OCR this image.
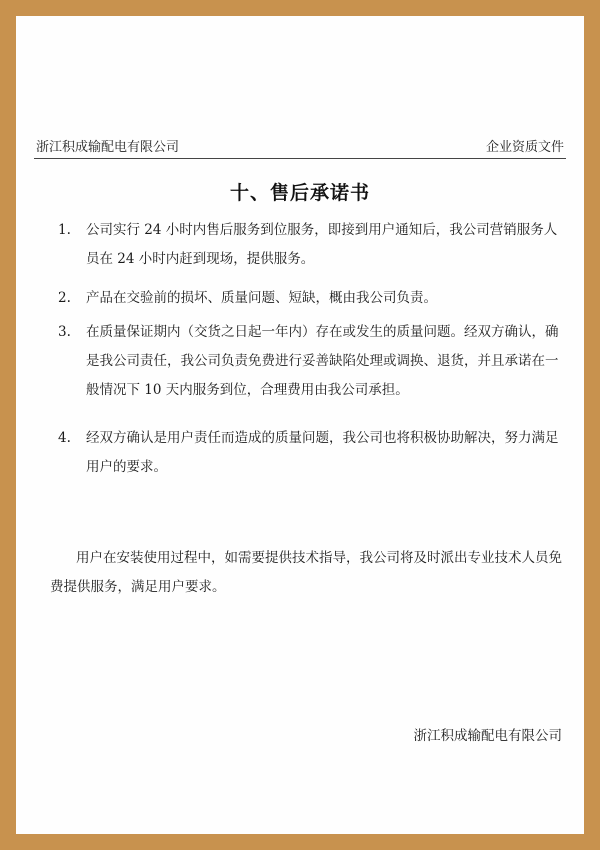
浙江积成输配电有限公司	企业资质文件
十、售后承诺书
1. 公司实行 24 小时内售后服务到位服务，即接到用户通知后，我公司营销服务人员在 24 小时内赶到现场，提供服务。
2. 产品在交验前的损坏、质量问题、短缺，概由我公司负责。
3. 在质量保证期内（交货之日起一年内）存在或发生的质量问题。经双方确认，确是我公司责任，我公司负责免费进行妥善缺陷处理或调换、退货，并且承诺在一般情况下 10 天内服务到位，合理费用由我公司承担。
4. 经双方确认是用户责任而造成的质量问题，我公司也将积极协助解决，努力满足用户的要求。
用户在安装使用过程中，如需要提供技术指导，我公司将及时派出专业技术人员免费提供服务，满足用户要求。
浙江积成输配电有限公司
